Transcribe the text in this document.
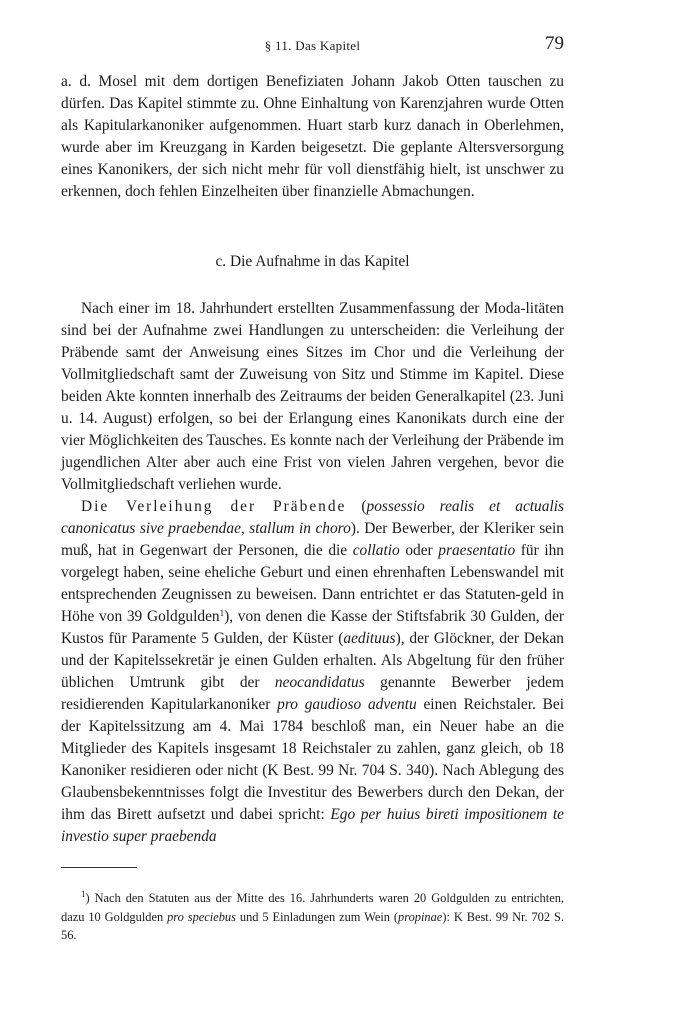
§ 11. Das Kapitel	79

a. d. Mosel mit dem dortigen Benefiziaten Johann Jakob Otten tauschen zu dürfen. Das Kapitel stimmte zu. Ohne Einhaltung von Karenzjahren wurde Otten als Kapitularkanoniker aufgenommen. Huart starb kurz danach in Oberlehmen, wurde aber im Kreuzgang in Karden beigesetzt. Die geplante Altersversorgung eines Kanonikers, der sich nicht mehr für voll dienstfähig hielt, ist unschwer zu erkennen, doch fehlen Einzelheiten über finanzielle Abmachungen.

c. Die Aufnahme in das Kapitel

Nach einer im 18. Jahrhundert erstellten Zusammenfassung der Moda-litäten sind bei der Aufnahme zwei Handlungen zu unterscheiden: die Verleihung der Präbende samt der Anweisung eines Sitzes im Chor und die Verleihung der Vollmitgliedschaft samt der Zuweisung von Sitz und Stimme im Kapitel. Diese beiden Akte konnten innerhalb des Zeitraums der beiden Generalkapitel (23. Juni u. 14. August) erfolgen, so bei der Erlangung eines Kanonikats durch eine der vier Möglichkeiten des Tausches. Es konnte nach der Verleihung der Präbende im jugendlichen Alter aber auch eine Frist von vielen Jahren vergehen, bevor die Vollmitgliedschaft verliehen wurde.

Die Verleihung der Präbende (possessio realis et actualis canonicatus sive praebendae, stallum in choro). Der Bewerber, der Kleriker sein muß, hat in Gegenwart der Personen, die die collatio oder praesentatio für ihn vorgelegt haben, seine eheliche Geburt und einen ehrenhaften Lebenswandel mit entsprechenden Zeugnissen zu beweisen. Dann entrichtet er das Statuten-geld in Höhe von 39 Goldgulden$^1$), von denen die Kasse der Stiftsfabrik 30 Gulden, der Kustos für Paramente 5 Gulden, der Küster (aedituus), der Glöckner, der Dekan und der Kapitelssekretär je einen Gulden erhalten. Als Abgeltung für den früher üblichen Umtrunk gibt der neocandidatus genannte Bewerber jedem residierenden Kapitularkanoniker pro gaudioso adventu einen Reichstaler. Bei der Kapitelssitzung am 4. Mai 1784 beschloß man, ein Neuer habe an die Mitglieder des Kapitels insgesamt 18 Reichstaler zu zahlen, ganz gleich, ob 18 Kanoniker residieren oder nicht (K Best. 99 Nr. 704 S. 340). Nach Ablegung des Glaubensbekenntnisses folgt die Investitur des Bewerbers durch den Dekan, der ihm das Birett aufsetzt und dabei spricht: Ego per huius bireti impositionem te investio super praebenda

$^1$) Nach den Statuten aus der Mitte des 16. Jahrhunderts waren 20 Goldgulden zu entrichten, dazu 10 Goldgulden pro speciebus und 5 Einladungen zum Wein (propinae): K Best. 99 Nr. 702 S. 56.
